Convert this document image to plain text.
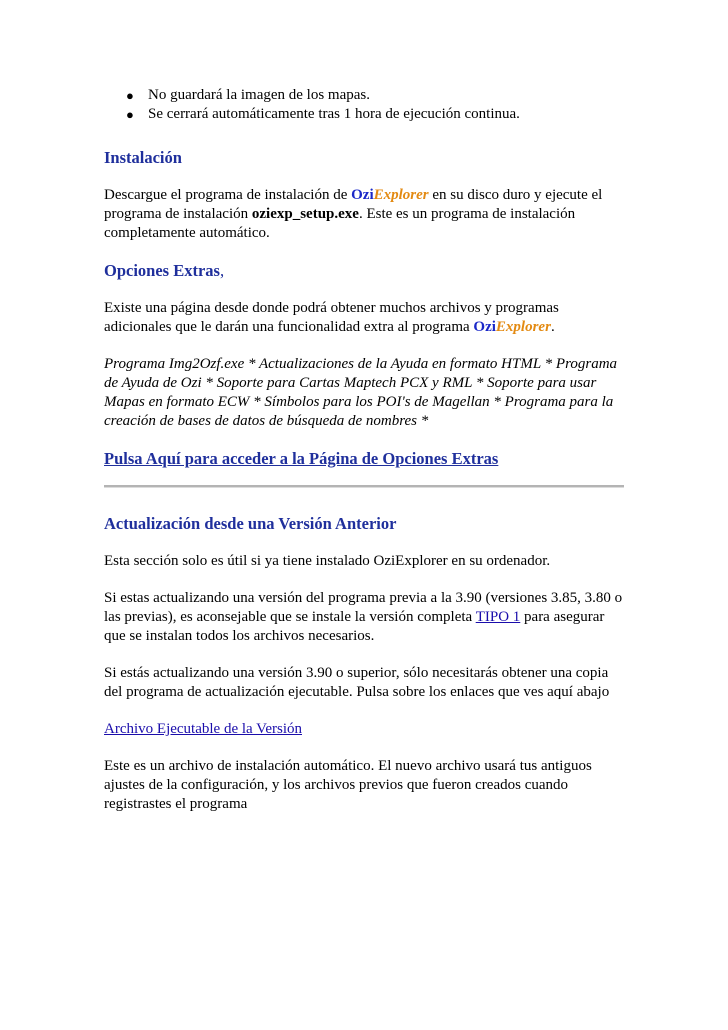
● No guardará la imagen de los mapas.
● Se cerrará automáticamente tras 1 hora de ejecución continua.
Instalación

Descargue el programa de instalación de OziExplorer en su disco duro y ejecute el programa de instalación oziexp_setup.exe. Este es un programa de instalación completamente automático.

Opciones Extras,

Existe una página desde donde podrá obtener muchos archivos y programas adicionales que le darán una funcionalidad extra al programa OziExplorer.

Programa Img2Ozf.exe * Actualizaciones de la Ayuda en formato HTML * Programa de Ayuda de Ozi * Soporte para Cartas Maptech PCX y RML * Soporte para usar Mapas en formato ECW * Símbolos para los POI's de Magellan * Programa para la creación de bases de datos de búsqueda de nombres *

Pulsa Aquí para acceder a la Página de Opciones Extras
Actualización desde una Versión Anterior

Esta sección solo es útil si ya tiene instalado OziExplorer en su ordenador.

Si estas actualizando una versión del programa previa a la 3.90 (versiones 3.85, 3.80 o las previas), es aconsejable que se instale la versión completa TIPO 1 para asegurar que se instalan todos los archivos necesarios.

Si estás actualizando una versión 3.90 o superior, sólo necesitarás obtener una copia del programa de actualización ejecutable. Pulsa sobre los enlaces que ves aquí abajo

Archivo Ejecutable de la Versión

Este es un archivo de instalación automático. El nuevo archivo usará tus antiguos ajustes de la configuración, y los archivos previos que fueron creados cuando registrastes el programa
